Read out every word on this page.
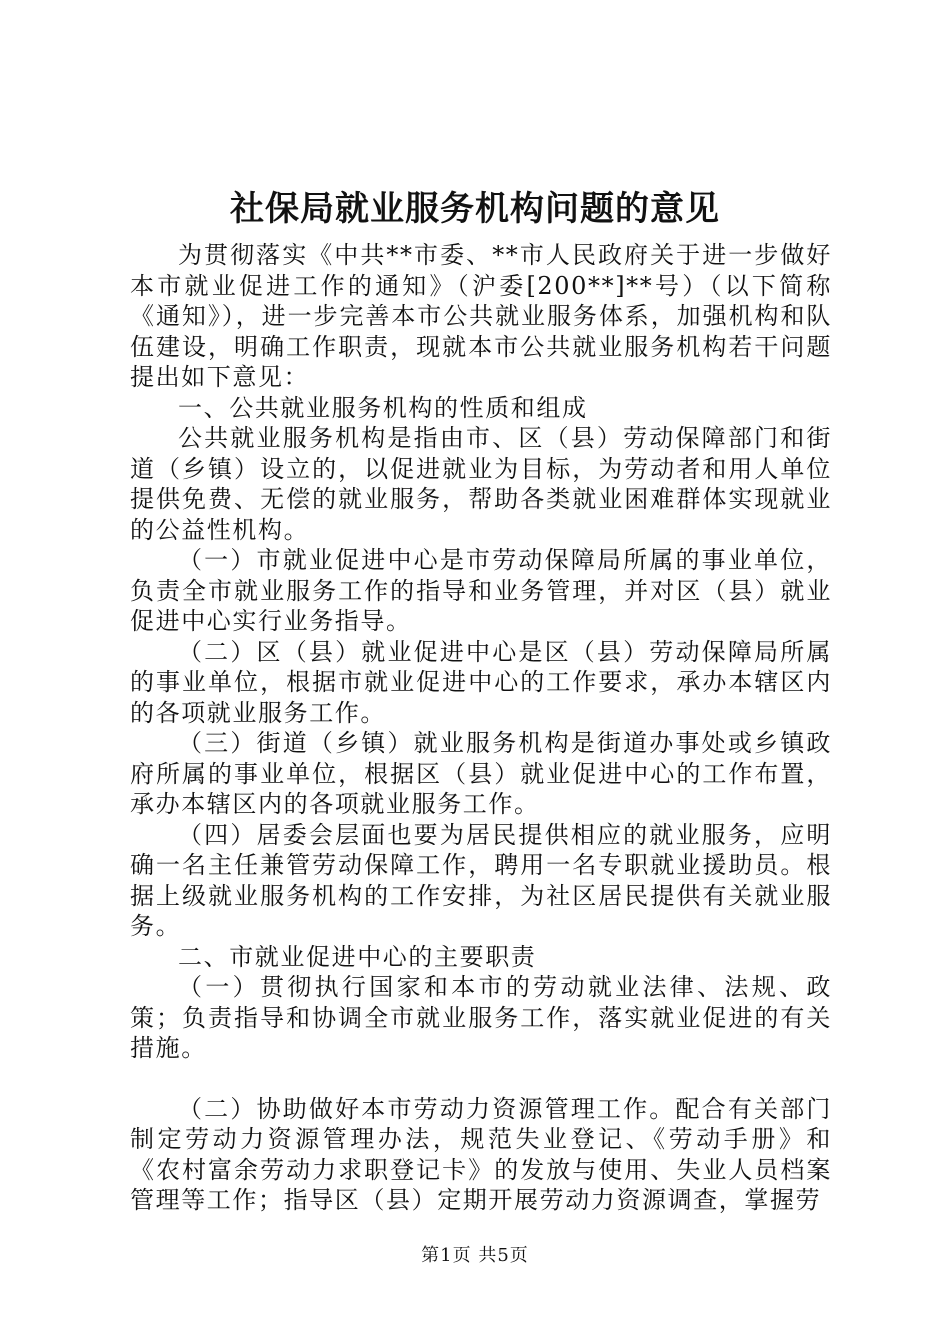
社保局就业服务机构问题的意见

为贯彻落实《中共**市委、**市人民政府关于进一步做好本市就业促进工作的通知》（沪委[200**]**号）（以下简称《通知》），进一步完善本市公共就业服务体系，加强机构和队伍建设，明确工作职责，现就本市公共就业服务机构若干问题提出如下意见：

一、公共就业服务机构的性质和组成

公共就业服务机构是指由市、区（县）劳动保障部门和街道（乡镇）设立的，以促进就业为目标，为劳动者和用人单位提供免费、无偿的就业服务，帮助各类就业困难群体实现就业的公益性机构。

（一）市就业促进中心是市劳动保障局所属的事业单位，负责全市就业服务工作的指导和业务管理，并对区（县）就业促进中心实行业务指导。

（二）区（县）就业促进中心是区（县）劳动保障局所属的事业单位，根据市就业促进中心的工作要求，承办本辖区内的各项就业服务工作。

（三）街道（乡镇）就业服务机构是街道办事处或乡镇政府所属的事业单位，根据区（县）就业促进中心的工作布置，承办本辖区内的各项就业服务工作。

（四）居委会层面也要为居民提供相应的就业服务，应明确一名主任兼管劳动保障工作，聘用一名专职就业援助员。根据上级就业服务机构的工作安排，为社区居民提供有关就业服务。

二、市就业促进中心的主要职责

（一）贯彻执行国家和本市的劳动就业法律、法规、政策；负责指导和协调全市就业服务工作，落实就业促进的有关措施。

（二）协助做好本市劳动力资源管理工作。配合有关部门制定劳动力资源管理办法，规范失业登记、《劳动手册》和《农村富余劳动力求职登记卡》的发放与使用、失业人员档案管理等工作；指导区（县）定期开展劳动力资源调查，掌握劳

第1页 共5页
